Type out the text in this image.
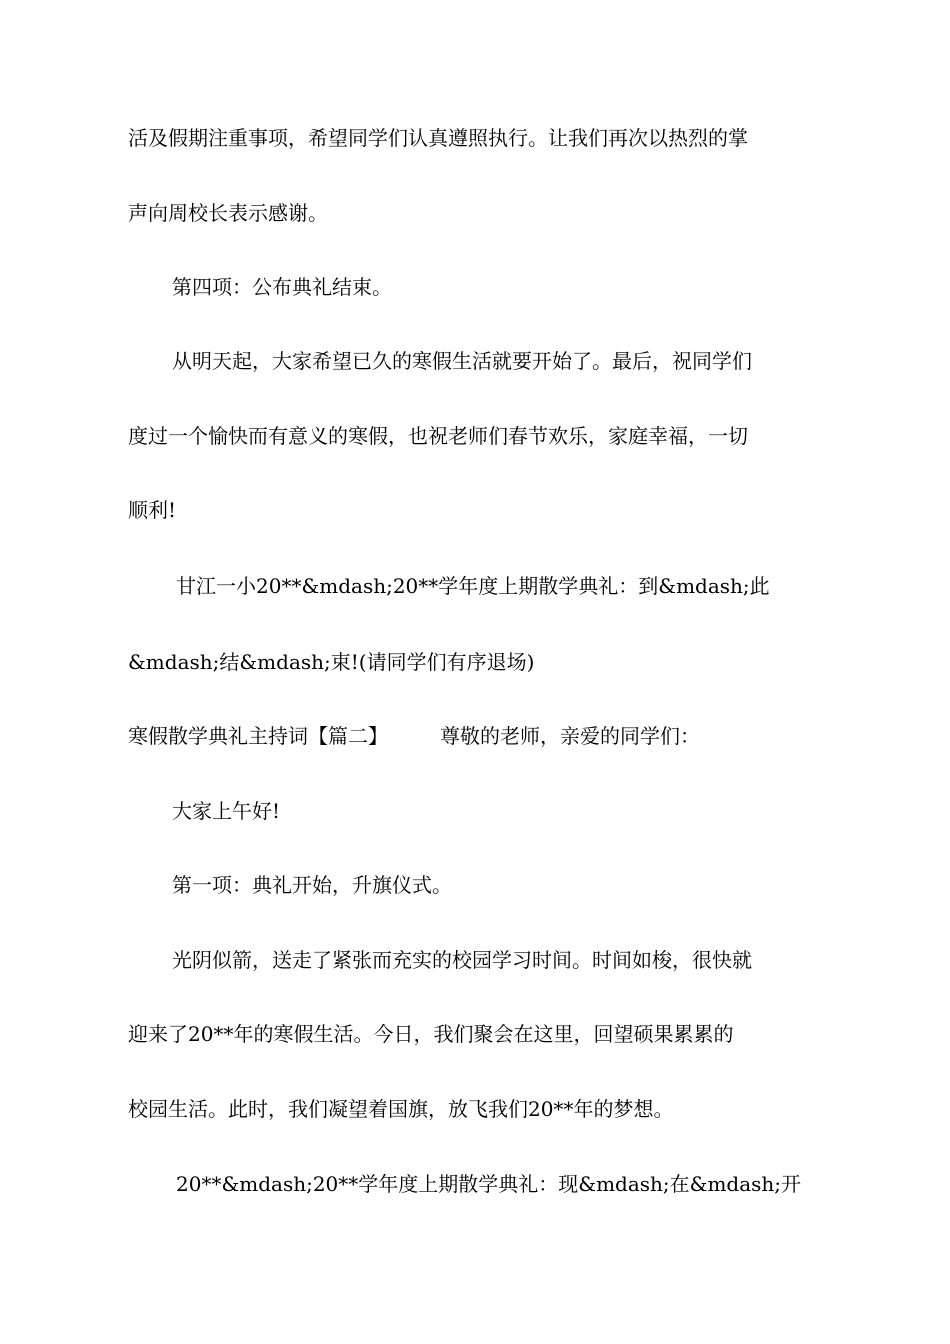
活及假期注重事项，希望同学们认真遵照执行。让我们再次以热烈的掌
声向周校长表示感谢。
第四项：公布典礼结束。
从明天起，大家希望已久的寒假生活就要开始了。最后，祝同学们
度过一个愉快而有意义的寒假，也祝老师们春节欢乐，家庭幸福，一切
顺利!
甘江一小20**&mdash;20**学年度上期散学典礼：到&mdash;此
&mdash;结&mdash;束!(请同学们有序退场)
寒假散学典礼主持词【篇二】	尊敬的老师，亲爱的同学们：
大家上午好!
第一项：典礼开始，升旗仪式。
光阴似箭，送走了紧张而充实的校园学习时间。时间如梭，很快就
迎来了20**年的寒假生活。今日，我们聚会在这里，回望硕果累累的
校园生活。此时，我们凝望着国旗，放飞我们20**年的梦想。
20**&mdash;20**学年度上期散学典礼：现&mdash;在&mdash;开
